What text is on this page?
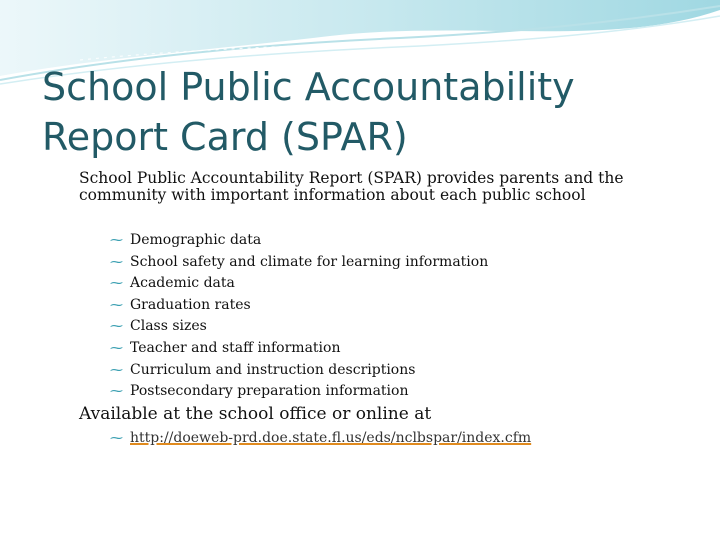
School Public Accountability Report Card (SPAR)

School Public Accountability Report (SPAR) provides parents and the community with important information about each public school

⁓ Demographic data
⁓ School safety and climate for learning information
⁓ Academic data
⁓ Graduation rates
⁓ Class sizes
⁓ Teacher and staff information
⁓ Curriculum and instruction descriptions
⁓ Postsecondary preparation information

Available at the school office or online at

⁓ http://doeweb-prd.doe.state.fl.us/eds/nclbspar/index.cfm
